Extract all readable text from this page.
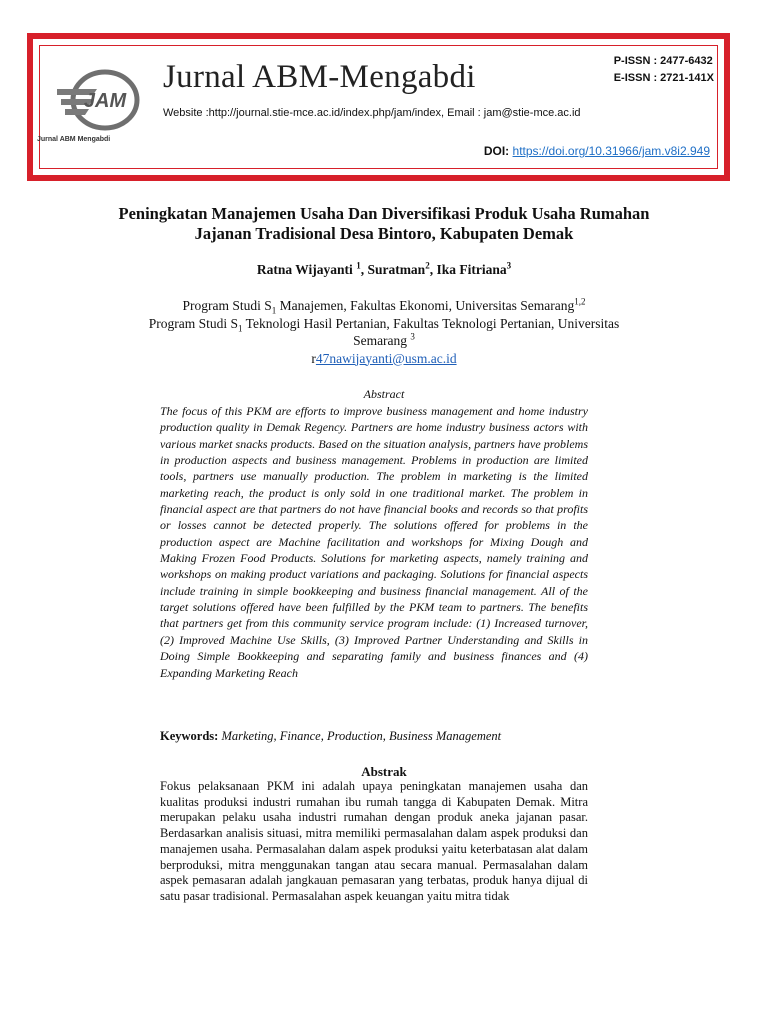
JAM
Jurnal ABM Mengabdi
Jurnal ABM-Mengabdi
Website :http://journal.stie-mce.ac.id/index.php/jam/index, Email : jam@stie-mce.ac.id
P-ISSN : 2477-6432
E-ISSN : 2721-141X
DOI: https://doi.org/10.31966/jam.v8i2.949
Peningkatan Manajemen Usaha Dan Diversifikasi Produk Usaha Rumahan
Jajanan Tradisional Desa Bintoro, Kabupaten Demak
Ratna Wijayanti $^1$, Suratman$^2$, Ika Fitriana$^3$
Program Studi $S_1$ Manajemen, Fakultas Ekonomi, Universitas Semarang$^{1,2}$
Program Studi $S_1$ Teknologi Hasil Pertanian, Fakultas Teknologi Pertanian, Universitas
Semarang $^3$
r47nawijayanti@usm.ac.id
Abstract
The focus of this PKM are efforts to improve business management and home industry production quality in Demak Regency. Partners are home industry business actors with various market snacks products. Based on the situation analysis, partners have problems in production aspects and business management. Problems in production are limited tools, partners use manually production. The problem in marketing is the limited marketing reach, the product is only sold in one traditional market. The problem in financial aspect are that partners do not have financial books and records so that profits or losses cannot be detected properly. The solutions offered for problems in the production aspect are Machine facilitation and workshops for Mixing Dough and Making Frozen Food Products. Solutions for marketing aspects, namely training and workshops on making product variations and packaging. Solutions for financial aspects include training in simple bookkeeping and business financial management. All of the target solutions offered have been fulfilled by the PKM team to partners. The benefits that partners get from this community service program include: (1) Increased turnover, (2) Improved Machine Use Skills, (3) Improved Partner Understanding and Skills in Doing Simple Bookkeeping and separating family and business finances and (4) Expanding Marketing Reach
Keywords: Marketing, Finance, Production, Business Management
Abstrak
Fokus pelaksanaan PKM ini adalah upaya peningkatan manajemen usaha dan kualitas produksi industri rumahan ibu rumah tangga di Kabupaten Demak. Mitra merupakan pelaku usaha industri rumahan dengan produk aneka jajanan pasar. Berdasarkan analisis situasi, mitra memiliki permasalahan dalam aspek produksi dan manajemen usaha. Permasalahan dalam aspek produksi yaitu keterbatasan alat dalam berproduksi, mitra menggunakan tangan atau secara manual. Permasalahan dalam aspek pemasaran adalah jangkauan pemasaran yang terbatas, produk hanya dijual di satu pasar tradisional. Permasalahan aspek keuangan yaitu mitra tidak
